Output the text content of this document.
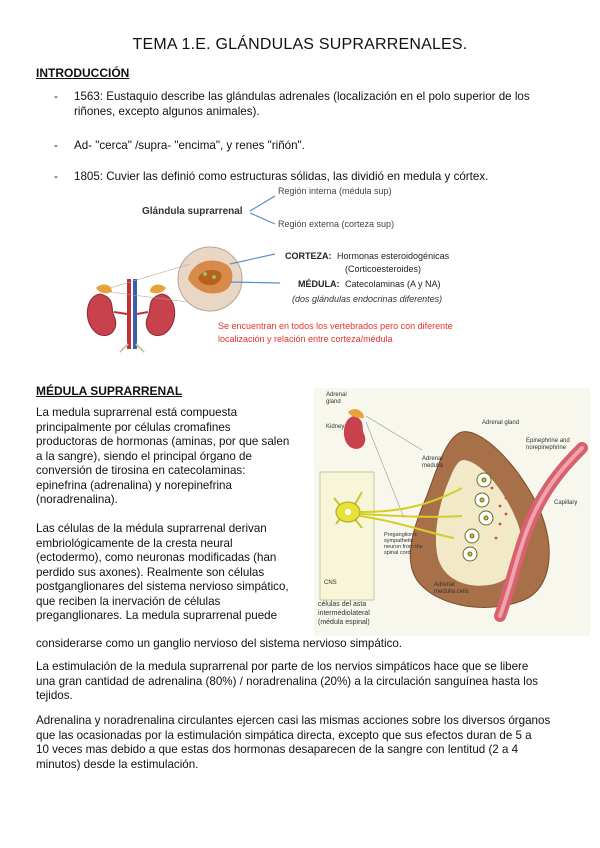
TEMA 1.E. GLÁNDULAS SUPRARRENALES.
INTRODUCCIÓN
- 1563: Eustaquio describe las glándulas adrenales (localización en el polo superior de los riñones, excepto algunos animales).
- Ad- "cerca" /supra- "encima", y renes "riñón".
- 1805: Cuvier las definió como estructuras sólidas, las dividió en medula y córtex.
Glándula suprarrenal
Región interna (médula sup)
Región externa (corteza sup)
CORTEZA: Hormonas esteroidogénicas
(Corticoesteroides)
MÉDULA: Catecolaminas (A y NA)
(dos glándulas endocrinas diferentes)
Se encuentran en todos los vertebrados pero con diferente
localización y relación entre corteza/médula
MÉDULA SUPRARRENAL
La medula suprarrenal está compuesta
principalmente por células cromafines
productoras de hormonas (aminas, por que salen
a la sangre), siendo el principal órgano de
conversión de tirosina en catecolaminas:
epinefrina (adrenalina) y norepinefrina
(noradrenalina).
Las células de la médula suprarrenal derivan
embriológicamente de la cresta neural
(ectodermo), como neuronas modificadas (han
perdido sus axones). Realmente son células
postganglionares del sistema nervioso simpático,
que reciben la inervación de células
preganglionares. La medula suprarrenal puede
considerarse como un ganglio nervioso del sistema nervioso simpático.
La estimulación de la medula suprarrenal por parte de los nervios simpáticos hace que se libere
una gran cantidad de adrenalina (80%) / noradrenalina (20%) a la circulación sanguínea hasta los
tejidos.
Adrenalina y noradrenalina circulantes ejercen casi las mismas acciones sobre los diversos órganos
que las ocasionadas por la estimulación simpática directa, excepto que sus efectos duran de 5 a
10 veces mas debido a que estas dos hormonas desaparecen de la sangre con lentitud (2 a 4
minutos) desde la estimulación.
Adrenal gland
Kidney
CNS
Adrenal gland
Epinephrine and norepinephrine
Adrenal medulla
Capillary
Preganglionic sympathetic neuron from the spinal cord
Adrenal medulla cells
células del asta intermediolateral (médula espinal)
